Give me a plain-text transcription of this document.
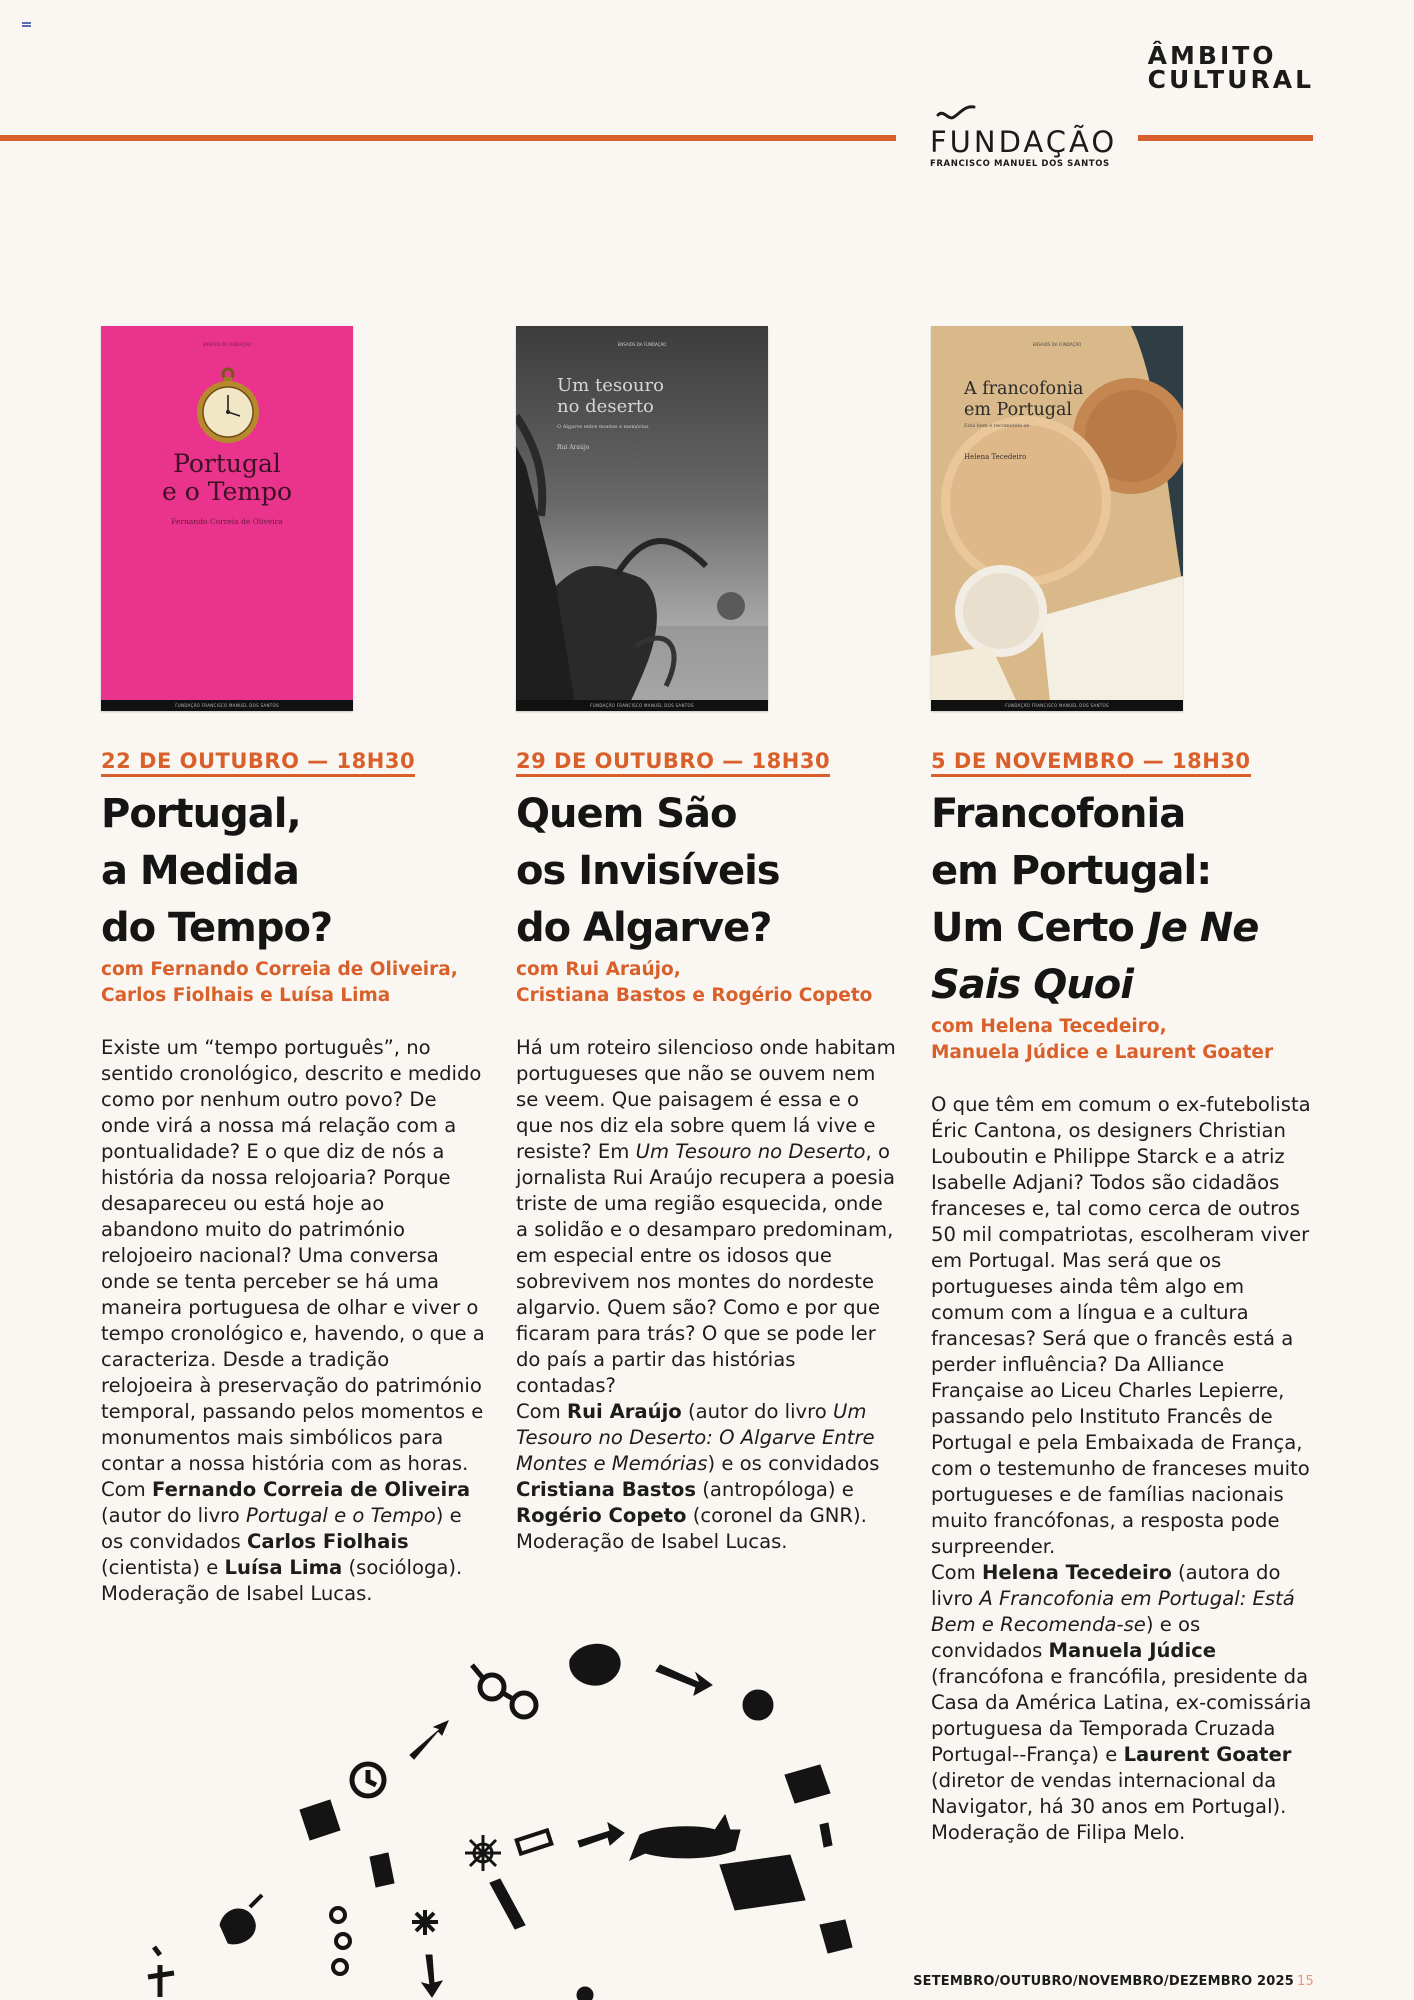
ÂMBITO
CULTURAL
FUNDAÇÃO
FRANCISCO MANUEL DOS SANTOS
ENSAIOS DA FUNDAÇÃO
Portugal
e o Tempo
Fernando Correia de Oliveira
FUNDAÇÃO FRANCISCO MANUEL DOS SANTOS
22 DE OUTUBRO — 18H30
Portugal,
a Medida
do Tempo?
com Fernando Correia de Oliveira,
Carlos Fiolhais e Luísa Lima

Existe um “tempo português”, no sentido cronológico, descrito e medido como por nenhum outro povo? De onde virá a nossa má relação com a pontualidade? E o que diz de nós a história da nossa relojoaria? Porque desapareceu ou está hoje ao abandono muito do património relojoeiro nacional? Uma conversa onde se tenta perceber se há uma maneira portuguesa de olhar e viver o tempo cronológico e, havendo, o que a caracteriza. Desde a tradição relojoeira à preservação do património temporal, passando pelos momentos e monumentos mais simbólicos para contar a nossa história com as horas.

Com Fernando Correia de Oliveira (autor do livro Portugal e o Tempo) e os convidados Carlos Fiolhais (cientista) e Luísa Lima (socióloga). Moderação de Isabel Lucas.

ENSAIOS DA FUNDAÇÃO
Um tesouro
no deserto
O Algarve entre montes e memórias
Rui Araújo
FUNDAÇÃO FRANCISCO MANUEL DOS SANTOS
29 DE OUTUBRO — 18H30
Quem São
os Invisíveis
do Algarve?
com Rui Araújo,
Cristiana Bastos e Rogério Copeto

Há um roteiro silencioso onde habitam portugueses que não se ouvem nem se veem. Que paisagem é essa e o que nos diz ela sobre quem lá vive e resiste? Em Um Tesouro no Deserto, o jornalista Rui Araújo recupera a poesia triste de uma região esquecida, onde a solidão e o desamparo predominam, em especial entre os idosos que sobrevivem nos montes do nordeste algarvio. Quem são? Como e por que ficaram para trás? O que se pode ler do país a partir das histórias contadas?

Com Rui Araújo (autor do livro Um Tesouro no Deserto: O Algarve Entre Montes e Memórias) e os convidados Cristiana Bastos (antropóloga) e Rogério Copeto (coronel da GNR). Moderação de Isabel Lucas.

ENSAIOS DA FUNDAÇÃO
A francofonia
em Portugal
Está bem e recomenda-se
Helena Tecedeiro
FUNDAÇÃO FRANCISCO MANUEL DOS SANTOS
5 DE NOVEMBRO — 18H30
Francofonia
em Portugal:
Um Certo Je Ne
Sais Quoi
com Helena Tecedeiro,
Manuela Júdice e Laurent Goater

O que têm em comum o ex-futebolista Éric Cantona, os designers Christian Louboutin e Philippe Starck e a atriz Isabelle Adjani? Todos são cidadãos franceses e, tal como cerca de outros 50 mil compatriotas, escolheram viver em Portugal. Mas será que os portugueses ainda têm algo em comum com a língua e a cultura francesas? Será que o francês está a perder influência? Da Alliance Française ao Liceu Charles Lepierre, passando pelo Instituto Francês de Portugal e pela Embaixada de França, com o testemunho de franceses muito portugueses e de famílias nacionais muito francófonas, a resposta pode surpreender.

Com Helena Tecedeiro (autora do livro A Francofonia em Portugal: Está Bem e Recomenda-se) e os convidados Manuela Júdice (francófona e francófila, presidente da Casa da América Latina, ex-comissária portuguesa da Temporada Cruzada Portugal--França) e Laurent Goater (diretor de vendas internacional da Navigator, há 30 anos em Portugal). Moderação de Filipa Melo.

SETEMBRO/OUTUBRO/NOVEMBRO/DEZEMBRO 2025 15
